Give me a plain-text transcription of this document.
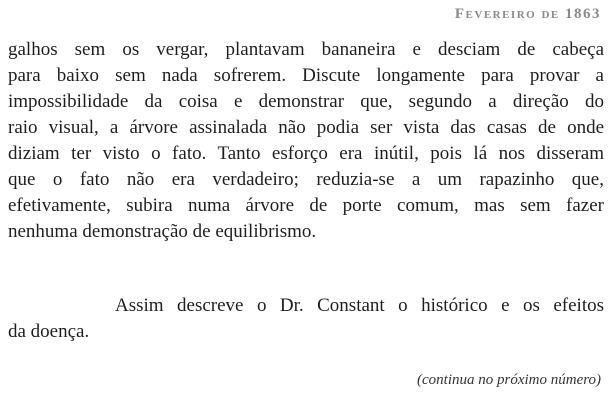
Fevereiro de 1863
galhos sem os vergar, plantavam bananeira e desciam de cabeça
para baixo sem nada sofrerem. Discute longamente para provar a
impossibilidade da coisa e demonstrar que, segundo a direção do
raio visual, a árvore assinalada não podia ser vista das casas de onde
diziam ter visto o fato. Tanto esforço era inútil, pois lá nos disseram
que o fato não era verdadeiro; reduzia-se a um rapazinho que,
efetivamente, subira numa árvore de porte comum, mas sem fazer
nenhuma demonstração de equilibrismo.
Assim descreve o Dr. Constant o histórico e os efeitos
da doença.
(continua no próximo número)
